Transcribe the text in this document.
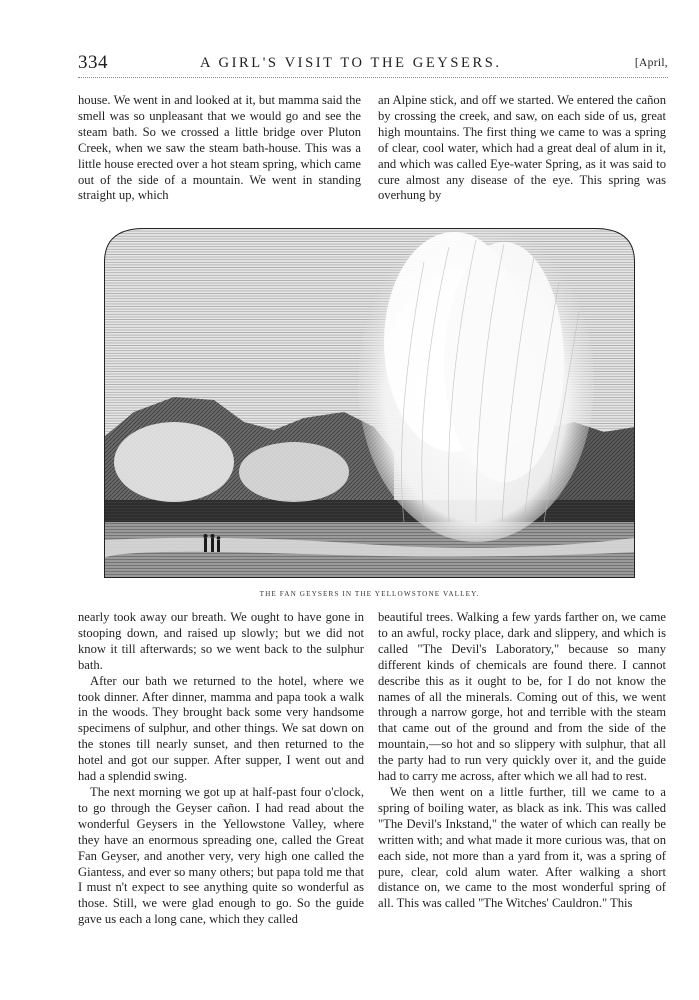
334	A GIRL'S VISIT TO THE GEYSERS.	[April,

house. We went in and looked at it, but mamma said the smell was so unpleasant that we would go and see the steam bath. So we crossed a little bridge over Pluton Creek, when we saw the steam bath-house. This was a little house erected over a hot steam spring, which came out of the side of a mountain. We went in standing straight up, which

an Alpine stick, and off we started. We entered the cañon by crossing the creek, and saw, on each side of us, great high mountains. The first thing we came to was a spring of clear, cool water, which had a great deal of alum in it, and which was called Eye-water Spring, as it was said to cure almost any disease of the eye. This spring was overhung by

THE FAN GEYSERS IN THE YELLOWSTONE VALLEY.

nearly took away our breath. We ought to have gone in stooping down, and raised up slowly; but we did not know it till afterwards; so we went back to the sulphur bath.

After our bath we returned to the hotel, where we took dinner. After dinner, mamma and papa took a walk in the woods. They brought back some very handsome specimens of sulphur, and other things. We sat down on the stones till nearly sunset, and then returned to the hotel and got our supper. After supper, I went out and had a splendid swing.

The next morning we got up at half-past four o'clock, to go through the Geyser cañon. I had read about the wonderful Geysers in the Yellowstone Valley, where they have an enormous spreading one, called the Great Fan Geyser, and another very, very high one called the Giantess, and ever so many others; but papa told me that I must n't expect to see anything quite so wonderful as those. Still, we were glad enough to go. So the guide gave us each a long cane, which they called

beautiful trees. Walking a few yards farther on, we came to an awful, rocky place, dark and slippery, and which is called "The Devil's Laboratory," because so many different kinds of chemicals are found there. I cannot describe this as it ought to be, for I do not know the names of all the minerals. Coming out of this, we went through a narrow gorge, hot and terrible with the steam that came out of the ground and from the side of the mountain,—so hot and so slippery with sulphur, that all the party had to run very quickly over it, and the guide had to carry me across, after which we all had to rest.

We then went on a little further, till we came to a spring of boiling water, as black as ink. This was called "The Devil's Inkstand," the water of which can really be written with; and what made it more curious was, that on each side, not more than a yard from it, was a spring of pure, clear, cold alum water. After walking a short distance on, we came to the most wonderful spring of all. This was called "The Witches' Cauldron." This
